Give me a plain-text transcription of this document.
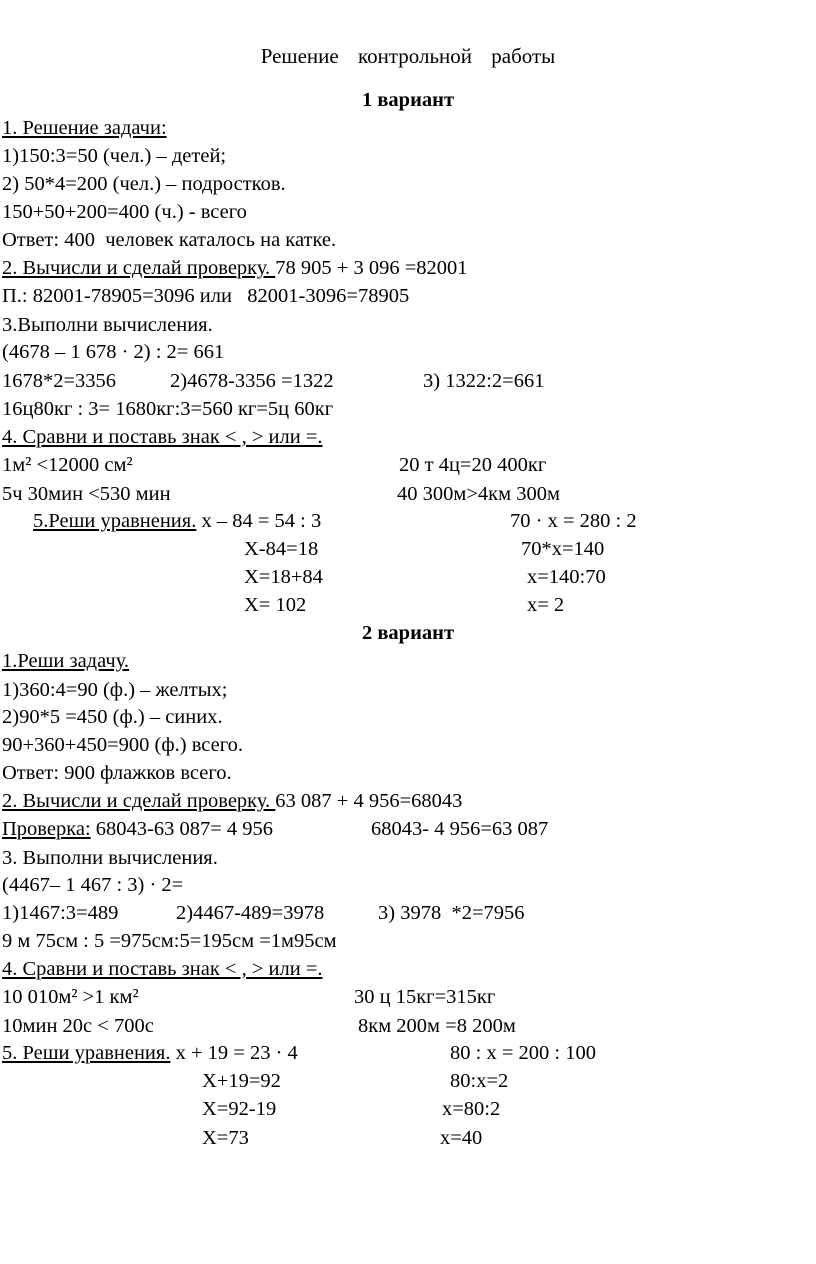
Решение контрольной работы
1 вариант
1. Решение задачи:
1)150:3=50 (чел.) – детей;
2) 50*4=200 (чел.) – подростков.
150+50+200=400 (ч.) - всего
Ответ: 400  человек каталось на катке.
2. Вычисли и сделай проверку. 78 905 + 3 096 =82001
П.: 82001-78905=3096 или   82001-3096=78905
3.Выполни вычисления.
(4678 – 1 678 · 2) : 2= 661
1678*2=3356	2)4678-3356 =1322	3) 1322:2=661
16ц80кг : 3= 1680кг:3=560 кг=5ц 60кг
4. Сравни и поставь знак < , > или =.
1м² <12000 см²	20 т 4ц=20 400кг
5ч 30мин <530 мин	40 300м>4км 300м
5.Реши уравнения. х – 84 = 54 : 3	70 · х = 280 : 2
Х-84=18	70*х=140
Х=18+84	х=140:70
Х= 102	х= 2
2 вариант
1.Реши задачу.
1)360:4=90 (ф.) – желтых;
2)90*5 =450 (ф.) – синих.
90+360+450=900 (ф.) всего.
Ответ: 900 флажков всего.
2. Вычисли и сделай проверку. 63 087 + 4 956=68043
Проверка: 68043-63 087= 4 956	68043- 4 956=63 087
3. Выполни вычисления.
(4467– 1 467 : 3) · 2=
1)1467:3=489	2)4467-489=3978	3) 3978  *2=7956
9 м 75см : 5 =975см:5=195см =1м95см
4. Сравни и поставь знак < , > или =.
10 010м² >1 км²	30 ц 15кг=315кг
10мин 20с < 700с	8км 200м =8 200м
5. Реши уравнения. х + 19 = 23 · 4	80 : х = 200 : 100
Х+19=92	80:х=2
Х=92-19	х=80:2
Х=73	х=40
